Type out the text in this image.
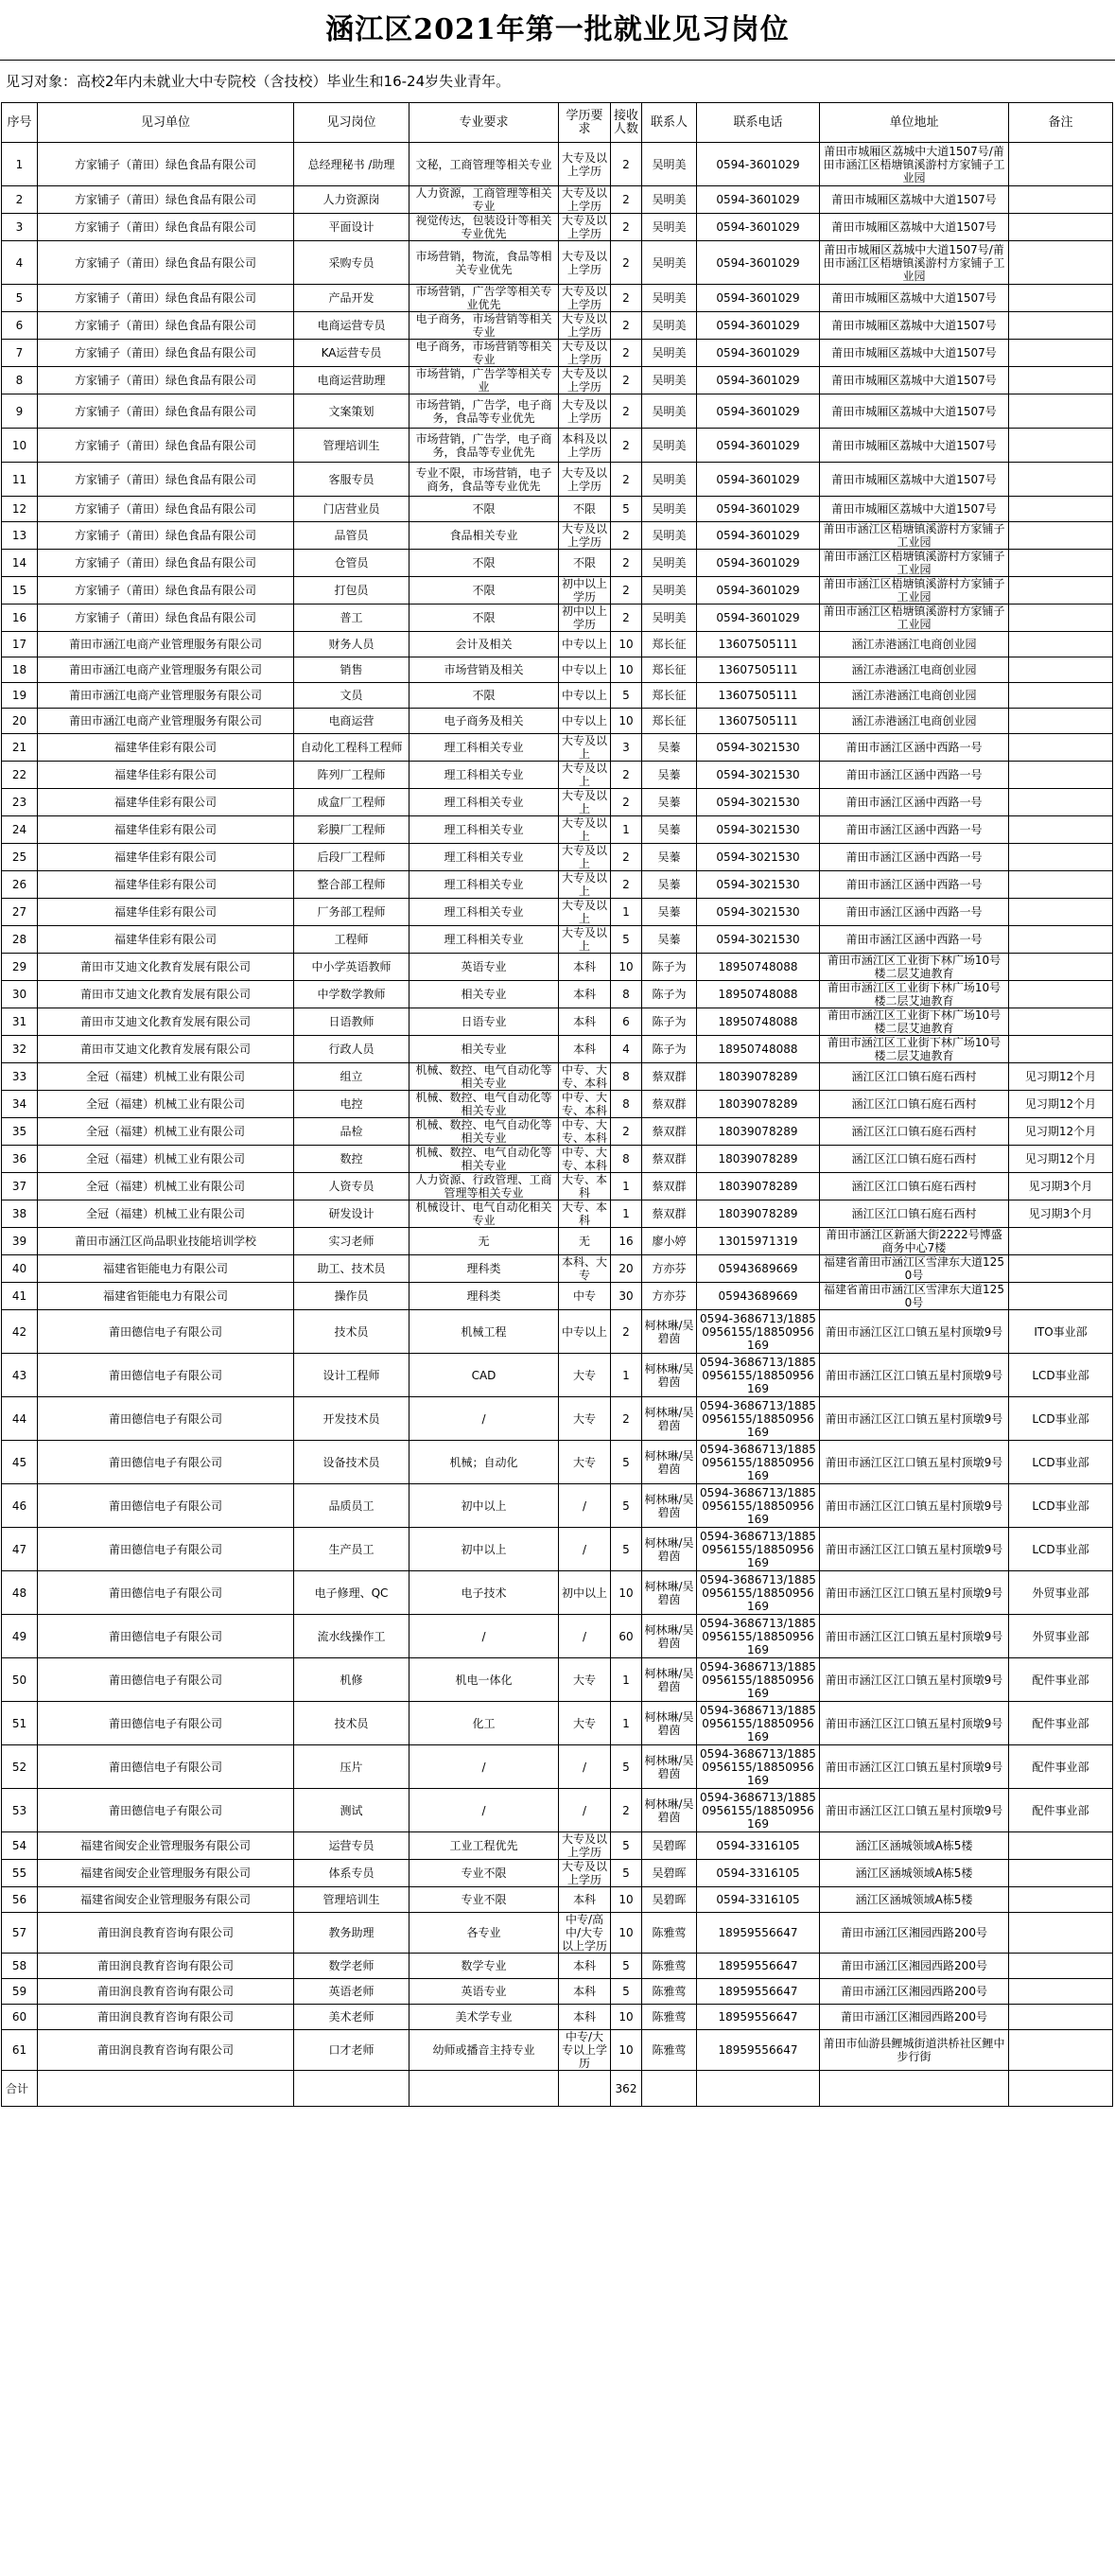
涵江区2021年第一批就业见习岗位
见习对象：高校2年内未就业大中专院校（含技校）毕业生和16-24岁失业青年。
序号	见习单位	见习岗位	专业要求	学历要求	接收人数	联系人	联系电话	单位地址	备注
1	方家铺子（莆田）绿色食品有限公司	总经理秘书 /助理	文秘，工商管理等相关专业	大专及以上学历	2	吴明美	0594-3601029	莆田市城厢区荔城中大道1507号/莆田市涵江区梧塘镇溪游村方家铺子工业园	
2	方家铺子（莆田）绿色食品有限公司	人力资源岗	人力资源，工商管理等相关专业	大专及以上学历	2	吴明美	0594-3601029	莆田市城厢区荔城中大道1507号	
3	方家铺子（莆田）绿色食品有限公司	平面设计	视觉传达，包装设计等相关专业优先	大专及以上学历	2	吴明美	0594-3601029	莆田市城厢区荔城中大道1507号	
4	方家铺子（莆田）绿色食品有限公司	采购专员	市场营销，物流，食品等相关专业优先	大专及以上学历	2	吴明美	0594-3601029	莆田市城厢区荔城中大道1507号/莆田市涵江区梧塘镇溪游村方家铺子工业园	
5	方家铺子（莆田）绿色食品有限公司	产品开发	市场营销，广告学等相关专业优先	大专及以上学历	2	吴明美	0594-3601029	莆田市城厢区荔城中大道1507号	
6	方家铺子（莆田）绿色食品有限公司	电商运营专员	电子商务，市场营销等相关专业	大专及以上学历	2	吴明美	0594-3601029	莆田市城厢区荔城中大道1507号	
7	方家铺子（莆田）绿色食品有限公司	KA运营专员	电子商务，市场营销等相关专业	大专及以上学历	2	吴明美	0594-3601029	莆田市城厢区荔城中大道1507号	
8	方家铺子（莆田）绿色食品有限公司	电商运营助理	市场营销，广告学等相关专业	大专及以上学历	2	吴明美	0594-3601029	莆田市城厢区荔城中大道1507号	
9	方家铺子（莆田）绿色食品有限公司	文案策划	市场营销，广告学，电子商务，食品等专业优先	大专及以上学历	2	吴明美	0594-3601029	莆田市城厢区荔城中大道1507号	
10	方家铺子（莆田）绿色食品有限公司	管理培训生	市场营销，广告学，电子商务，食品等专业优先	本科及以上学历	2	吴明美	0594-3601029	莆田市城厢区荔城中大道1507号	
11	方家铺子（莆田）绿色食品有限公司	客服专员	专业不限，市场营销，电子商务，食品等专业优先	大专及以上学历	2	吴明美	0594-3601029	莆田市城厢区荔城中大道1507号	
12	方家铺子（莆田）绿色食品有限公司	门店营业员	不限	不限	5	吴明美	0594-3601029	莆田市城厢区荔城中大道1507号	
13	方家铺子（莆田）绿色食品有限公司	品管员	食品相关专业	大专及以上学历	2	吴明美	0594-3601029	莆田市涵江区梧塘镇溪游村方家铺子工业园	
14	方家铺子（莆田）绿色食品有限公司	仓管员	不限	不限	2	吴明美	0594-3601029	莆田市涵江区梧塘镇溪游村方家铺子工业园	
15	方家铺子（莆田）绿色食品有限公司	打包员	不限	初中以上学历	2	吴明美	0594-3601029	莆田市涵江区梧塘镇溪游村方家铺子工业园	
16	方家铺子（莆田）绿色食品有限公司	普工	不限	初中以上学历	2	吴明美	0594-3601029	莆田市涵江区梧塘镇溪游村方家铺子工业园	
17	莆田市涵江电商产业管理服务有限公司	财务人员	会计及相关	中专以上	10	郑长征	13607505111	涵江赤港涵江电商创业园	
18	莆田市涵江电商产业管理服务有限公司	销售	市场营销及相关	中专以上	10	郑长征	13607505111	涵江赤港涵江电商创业园	
19	莆田市涵江电商产业管理服务有限公司	文员	不限	中专以上	5	郑长征	13607505111	涵江赤港涵江电商创业园	
20	莆田市涵江电商产业管理服务有限公司	电商运营	电子商务及相关	中专以上	10	郑长征	13607505111	涵江赤港涵江电商创业园	
21	福建华佳彩有限公司	自动化工程科工程师	理工科相关专业	大专及以上	3	吴蓁	0594-3021530	莆田市涵江区涵中西路一号	
22	福建华佳彩有限公司	阵列厂工程师	理工科相关专业	大专及以上	2	吴蓁	0594-3021530	莆田市涵江区涵中西路一号	
23	福建华佳彩有限公司	成盒厂工程师	理工科相关专业	大专及以上	2	吴蓁	0594-3021530	莆田市涵江区涵中西路一号	
24	福建华佳彩有限公司	彩膜厂工程师	理工科相关专业	大专及以上	1	吴蓁	0594-3021530	莆田市涵江区涵中西路一号	
25	福建华佳彩有限公司	后段厂工程师	理工科相关专业	大专及以上	2	吴蓁	0594-3021530	莆田市涵江区涵中西路一号	
26	福建华佳彩有限公司	整合部工程师	理工科相关专业	大专及以上	2	吴蓁	0594-3021530	莆田市涵江区涵中西路一号	
27	福建华佳彩有限公司	厂务部工程师	理工科相关专业	大专及以上	1	吴蓁	0594-3021530	莆田市涵江区涵中西路一号	
28	福建华佳彩有限公司	工程师	理工科相关专业	大专及以上	5	吴蓁	0594-3021530	莆田市涵江区涵中西路一号	
29	莆田市艾迪文化教育发展有限公司	中小学英语教师	英语专业	本科	10	陈子为	18950748088	莆田市涵江区工业街下林广场10号楼二层艾迪教育	
30	莆田市艾迪文化教育发展有限公司	中学数学教师	相关专业	本科	8	陈子为	18950748088	莆田市涵江区工业街下林广场10号楼二层艾迪教育	
31	莆田市艾迪文化教育发展有限公司	日语教师	日语专业	本科	6	陈子为	18950748088	莆田市涵江区工业街下林广场10号楼二层艾迪教育	
32	莆田市艾迪文化教育发展有限公司	行政人员	相关专业	本科	4	陈子为	18950748088	莆田市涵江区工业街下林广场10号楼二层艾迪教育	
33	全冠（福建）机械工业有限公司	组立	机械、数控、电气自动化等相关专业	中专、大专、本科	8	蔡双群	18039078289	涵江区江口镇石庭石西村	见习期12个月
34	全冠（福建）机械工业有限公司	电控	机械、数控、电气自动化等相关专业	中专、大专、本科	8	蔡双群	18039078289	涵江区江口镇石庭石西村	见习期12个月
35	全冠（福建）机械工业有限公司	品检	机械、数控、电气自动化等相关专业	中专、大专、本科	2	蔡双群	18039078289	涵江区江口镇石庭石西村	见习期12个月
36	全冠（福建）机械工业有限公司	数控	机械、数控、电气自动化等相关专业	中专、大专、本科	8	蔡双群	18039078289	涵江区江口镇石庭石西村	见习期12个月
37	全冠（福建）机械工业有限公司	人资专员	人力资源、行政管理、工商管理等相关专业	大专、本科	1	蔡双群	18039078289	涵江区江口镇石庭石西村	见习期3个月
38	全冠（福建）机械工业有限公司	研发设计	机械设计、电气自动化相关专业	大专、本科	1	蔡双群	18039078289	涵江区江口镇石庭石西村	见习期3个月
39	莆田市涵江区尚品职业技能培训学校	实习老师	无	无	16	廖小婷	13015971319	莆田市涵江区新涵大街2222号博盛商务中心7楼	
40	福建省钜能电力有限公司	助工、技术员	理科类	本科、大专	20	方亦芬	05943689669	福建省莆田市涵江区雪津东大道1250号	
41	福建省钜能电力有限公司	操作员	理科类	中专	30	方亦芬	05943689669	福建省莆田市涵江区雪津东大道1250号	
42	莆田德信电子有限公司	技术员	机械工程	中专以上	2	柯林琳/吴碧茵	0594-3686713/18850956155/18850956169	莆田市涵江区江口镇五星村顶墩9号	ITO事业部
43	莆田德信电子有限公司	设计工程师	CAD	大专	1	柯林琳/吴碧茵	0594-3686713/18850956155/18850956169	莆田市涵江区江口镇五星村顶墩9号	LCD事业部
44	莆田德信电子有限公司	开发技术员	/	大专	2	柯林琳/吴碧茵	0594-3686713/18850956155/18850956169	莆田市涵江区江口镇五星村顶墩9号	LCD事业部
45	莆田德信电子有限公司	设备技术员	机械；自动化	大专	5	柯林琳/吴碧茵	0594-3686713/18850956155/18850956169	莆田市涵江区江口镇五星村顶墩9号	LCD事业部
46	莆田德信电子有限公司	品质员工	初中以上	/	5	柯林琳/吴碧茵	0594-3686713/18850956155/18850956169	莆田市涵江区江口镇五星村顶墩9号	LCD事业部
47	莆田德信电子有限公司	生产员工	初中以上	/	5	柯林琳/吴碧茵	0594-3686713/18850956155/18850956169	莆田市涵江区江口镇五星村顶墩9号	LCD事业部
48	莆田德信电子有限公司	电子修理、QC	电子技术	初中以上	10	柯林琳/吴碧茵	0594-3686713/18850956155/18850956169	莆田市涵江区江口镇五星村顶墩9号	外贸事业部
49	莆田德信电子有限公司	流水线操作工	/	/	60	柯林琳/吴碧茵	0594-3686713/18850956155/18850956169	莆田市涵江区江口镇五星村顶墩9号	外贸事业部
50	莆田德信电子有限公司	机修	机电一体化	大专	1	柯林琳/吴碧茵	0594-3686713/18850956155/18850956169	莆田市涵江区江口镇五星村顶墩9号	配件事业部
51	莆田德信电子有限公司	技术员	化工	大专	1	柯林琳/吴碧茵	0594-3686713/18850956155/18850956169	莆田市涵江区江口镇五星村顶墩9号	配件事业部
52	莆田德信电子有限公司	压片	/	/	5	柯林琳/吴碧茵	0594-3686713/18850956155/18850956169	莆田市涵江区江口镇五星村顶墩9号	配件事业部
53	莆田德信电子有限公司	测试	/	/	2	柯林琳/吴碧茵	0594-3686713/18850956155/18850956169	莆田市涵江区江口镇五星村顶墩9号	配件事业部
54	福建省闽安企业管理服务有限公司	运营专员	工业工程优先	大专及以上学历	5	吴碧晖	0594-3316105	涵江区涵城领域A栋5楼	
55	福建省闽安企业管理服务有限公司	体系专员	专业不限	大专及以上学历	5	吴碧晖	0594-3316105	涵江区涵城领域A栋5楼	
56	福建省闽安企业管理服务有限公司	管理培训生	专业不限	本科	10	吴碧晖	0594-3316105	涵江区涵城领域A栋5楼	
57	莆田润良教育咨询有限公司	教务助理	各专业	中专/高中/大专以上学历	10	陈雅莺	18959556647	莆田市涵江区湘园西路200号	
58	莆田润良教育咨询有限公司	数学老师	数学专业	本科	5	陈雅莺	18959556647	莆田市涵江区湘园西路200号	
59	莆田润良教育咨询有限公司	英语老师	英语专业	本科	5	陈雅莺	18959556647	莆田市涵江区湘园西路200号	
60	莆田润良教育咨询有限公司	美术老师	美术学专业	本科	10	陈雅莺	18959556647	莆田市涵江区湘园西路200号	
61	莆田润良教育咨询有限公司	口才老师	幼师或播音主持专业	中专/大专以上学历	10	陈雅莺	18959556647	莆田市仙游县鲤城街道洪桥社区鲤中步行街	
合计					362				
